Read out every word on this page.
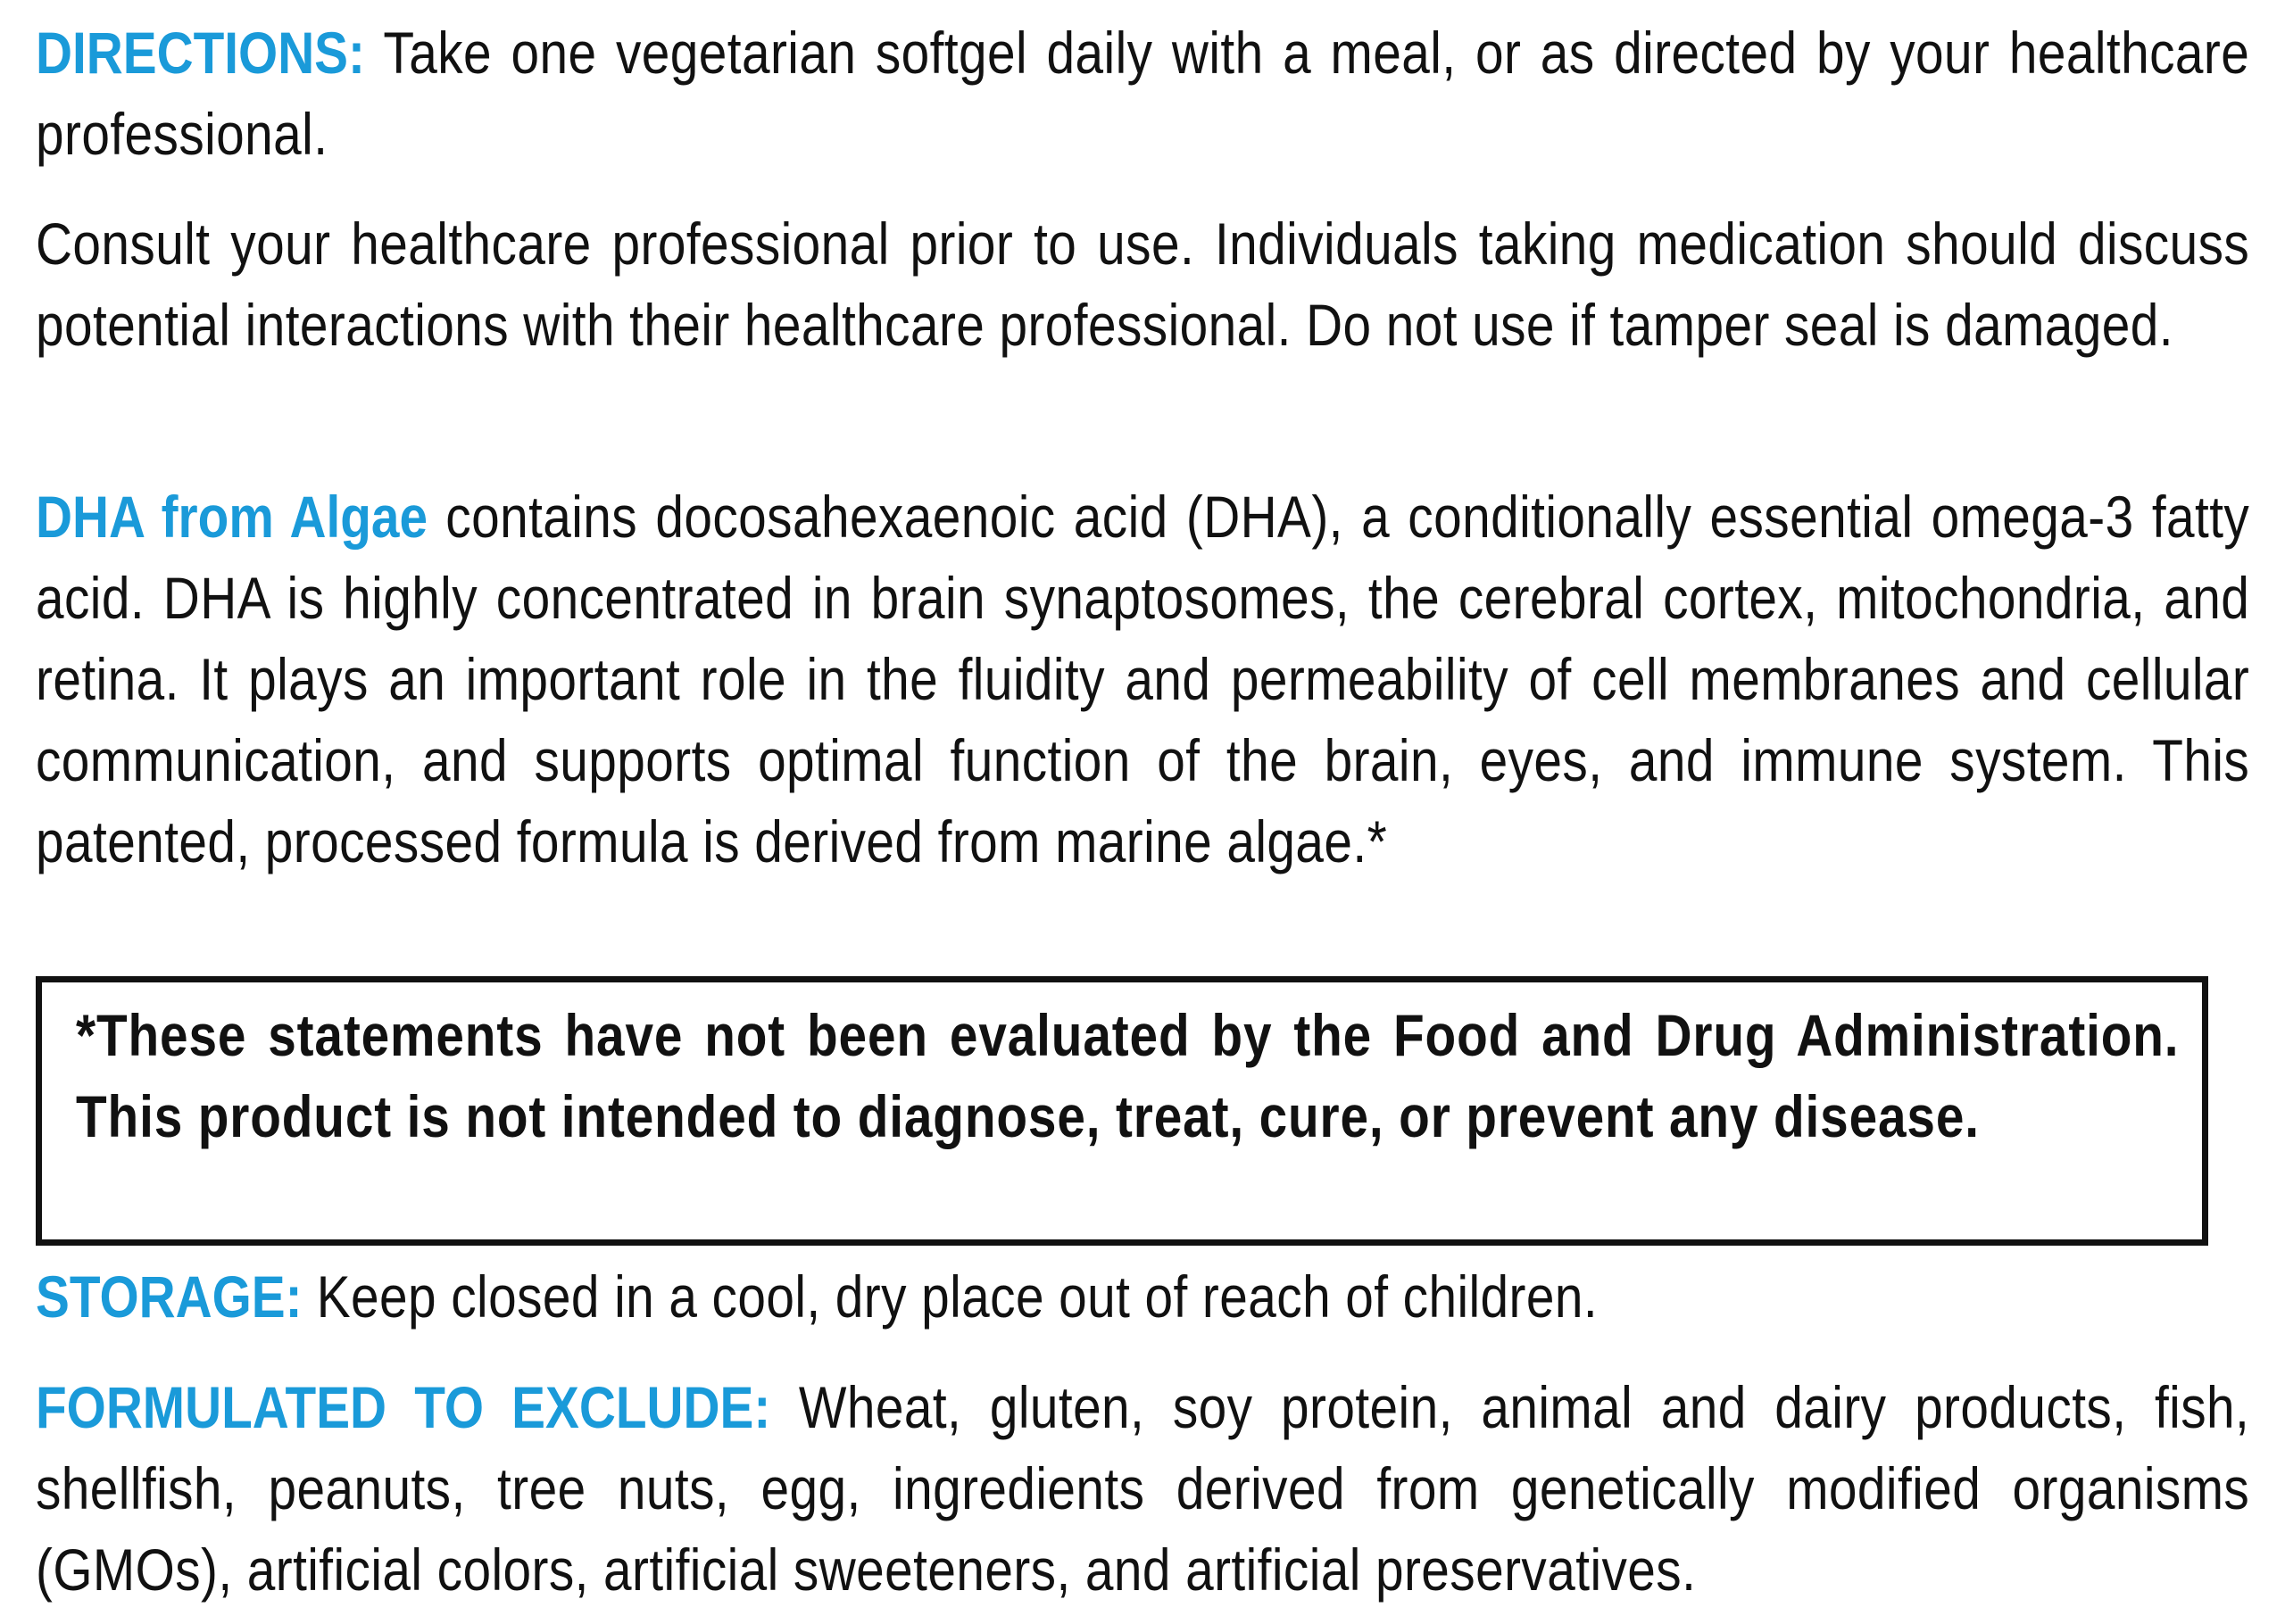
DIRECTIONS: Take one vegetarian softgel daily with a meal, or as directed by your healthcare professional.

Consult your healthcare professional prior to use. Individuals taking medication should discuss potential interactions with their healthcare professional. Do not use if tamper seal is damaged.

DHA from Algae contains docosahexaenoic acid (DHA), a conditionally essential omega-3 fatty acid. DHA is highly concentrated in brain synaptosomes, the cerebral cortex, mitochondria, and retina. It plays an important role in the fluidity and permeability of cell membranes and cellular communication, and supports optimal function of the brain, eyes, and immune system. This patented, processed formula is derived from marine algae.*

*These statements have not been evaluated by the Food and Drug Administration. This product is not intended to diagnose, treat, cure, or prevent any disease.

STORAGE: Keep closed in a cool, dry place out of reach of children.

FORMULATED TO EXCLUDE: Wheat, gluten, soy protein, animal and dairy products, fish, shellfish, peanuts, tree nuts, egg, ingredients derived from genetically modified organisms (GMOs), artificial colors, artificial sweeteners, and artificial preservatives.
